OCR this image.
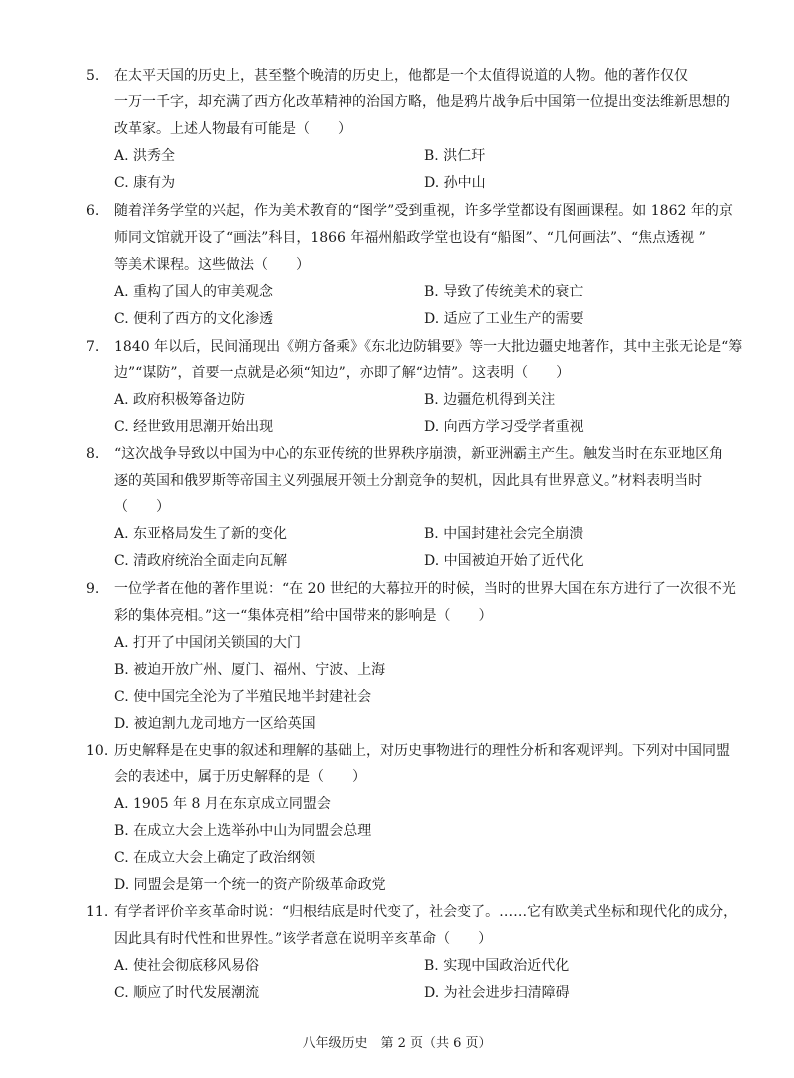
5. 在太平天国的历史上，甚至整个晚清的历史上，他都是一个太值得说道的人物。他的著作仅仅
一万一千字，却充满了西方化改革精神的治国方略，他是鸦片战争后中国第一位提出变法维新思想的
改革家。上述人物最有可能是（　　）
A. 洪秀全	B. 洪仁玕
C. 康有为	D. 孙中山
6. 随着洋务学堂的兴起，作为美术教育的“图学”受到重视，许多学堂都设有图画课程。如 1862 年的京
师同文馆就开设了“画法”科目，1866 年福州船政学堂也设有“船图”、“几何画法”、“焦点透视 ”
等美术课程。这些做法（　　）
A. 重构了国人的审美观念	B. 导致了传统美术的衰亡
C. 便利了西方的文化渗透	D. 适应了工业生产的需要
7. 1840 年以后，民间涌现出《朔方备乘》《东北边防辑要》等一大批边疆史地著作，其中主张无论是“筹
边”“谋防”，首要一点就是必须“知边”，亦即了解“边情”。这表明（　　）
A. 政府积极筹备边防	B. 边疆危机得到关注
C. 经世致用思潮开始出现	D. 向西方学习受学者重视
8. “这次战争导致以中国为中心的东亚传统的世界秩序崩溃，新亚洲霸主产生。触发当时在东亚地区角
逐的英国和俄罗斯等帝国主义列强展开领土分割竞争的契机，因此具有世界意义。”材料表明当时
（　　）
A. 东亚格局发生了新的变化	B. 中国封建社会完全崩溃
C. 清政府统治全面走向瓦解	D. 中国被迫开始了近代化
9. 一位学者在他的著作里说：“在 20 世纪的大幕拉开的时候，当时的世界大国在东方进行了一次很不光
彩的集体亮相。”这一“集体亮相”给中国带来的影响是（　　）
A. 打开了中国闭关锁国的大门
B. 被迫开放广州、厦门、福州、宁波、上海
C. 使中国完全沦为了半殖民地半封建社会
D. 被迫割九龙司地方一区给英国
10. 历史解释是在史事的叙述和理解的基础上，对历史事物进行的理性分析和客观评判。下列对中国同盟
会的表述中，属于历史解释的是（　　）
A. 1905 年 8 月在东京成立同盟会
B. 在成立大会上选举孙中山为同盟会总理
C. 在成立大会上确定了政治纲领
D. 同盟会是第一个统一的资产阶级革命政党
11. 有学者评价辛亥革命时说：“归根结底是时代变了，社会变了。……它有欧美式坐标和现代化的成分，
因此具有时代性和世界性。”该学者意在说明辛亥革命（　　）
A. 使社会彻底移风易俗	B. 实现中国政治近代化
C. 顺应了时代发展潮流	D. 为社会进步扫清障碍
八年级历史　第 2 页（共 6 页）
